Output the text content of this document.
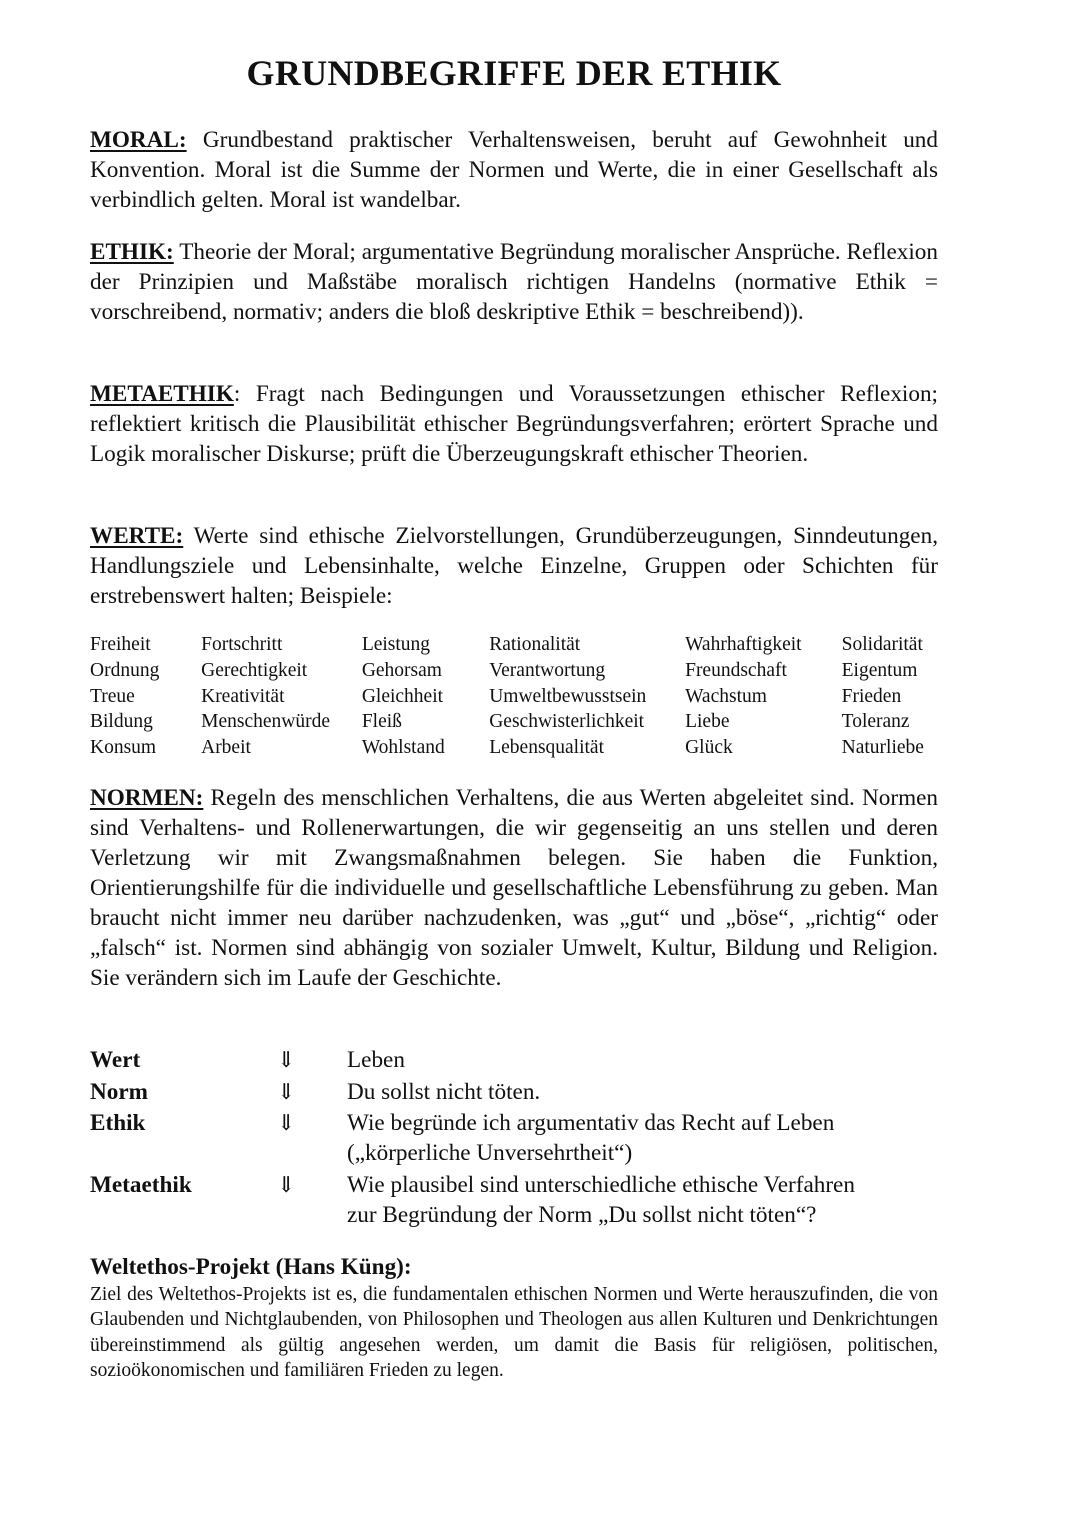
GRUNDBEGRIFFE DER ETHIK

MORAL: Grundbestand praktischer Verhaltensweisen, beruht auf Gewohnheit und Konvention. Moral ist die Summe der Normen und Werte, die in einer Gesellschaft als verbindlich gelten. Moral ist wandelbar.

ETHIK: Theorie der Moral; argumentative Begründung moralischer Ansprüche. Reflexion der Prinzipien und Maßstäbe moralisch richtigen Handelns (normative Ethik = vorschreibend, normativ; anders die bloß deskriptive Ethik = beschreibend)).

METAETHIK: Fragt nach Bedingungen und Voraussetzungen ethischer Reflexion; reflektiert kritisch die Plausibilität ethischer Begründungsverfahren; erörtert Sprache und Logik moralischer Diskurse; prüft die Überzeugungskraft ethischer Theorien.

WERTE: Werte sind ethische Zielvorstellungen, Grundüberzeugungen, Sinndeutungen, Handlungsziele und Lebensinhalte, welche Einzelne, Gruppen oder Schichten für erstrebenswert halten; Beispiele:

Freiheit	Fortschritt	Leistung	Rationalität	Wahrhaftigkeit	Solidarität
Ordnung	Gerechtigkeit	Gehorsam	Verantwortung	Freundschaft	Eigentum
Treue	Kreativität	Gleichheit	Umweltbewusstsein	Wachstum	Frieden
Bildung	Menschenwürde	Fleiß	Geschwisterlichkeit	Liebe	Toleranz
Konsum	Arbeit	Wohlstand	Lebensqualität	Glück	Naturliebe

NORMEN: Regeln des menschlichen Verhaltens, die aus Werten abgeleitet sind. Normen sind Verhaltens- und Rollenerwartungen, die wir gegenseitig an uns stellen und deren Verletzung wir mit Zwangsmaßnahmen belegen. Sie haben die Funktion, Orientierungshilfe für die individuelle und gesellschaftliche Lebensführung zu geben. Man braucht nicht immer neu darüber nachzudenken, was „gut“ und „böse“, „richtig“ oder „falsch“ ist. Normen sind abhängig von sozialer Umwelt, Kultur, Bildung und Religion. Sie verändern sich im Laufe der Geschichte.

Wert	⇓ Leben
Norm	⇓ Du sollst nicht töten.
Ethik	⇓ Wie begründe ich argumentativ das Recht auf Leben
(„körperliche Unversehrtheit“)
Metaethik	⇓ Wie plausibel sind unterschiedliche ethische Verfahren
zur Begründung der Norm „Du sollst nicht töten“?
Weltethos-Projekt (Hans Küng):

Ziel des Weltethos-Projekts ist es, die fundamentalen ethischen Normen und Werte herauszufinden, die von Glaubenden und Nichtglaubenden, von Philosophen und Theologen aus allen Kulturen und Denkrichtungen übereinstimmend als gültig angesehen werden, um damit die Basis für religiösen, politischen, sozioökonomischen und familiären Frieden zu legen.
